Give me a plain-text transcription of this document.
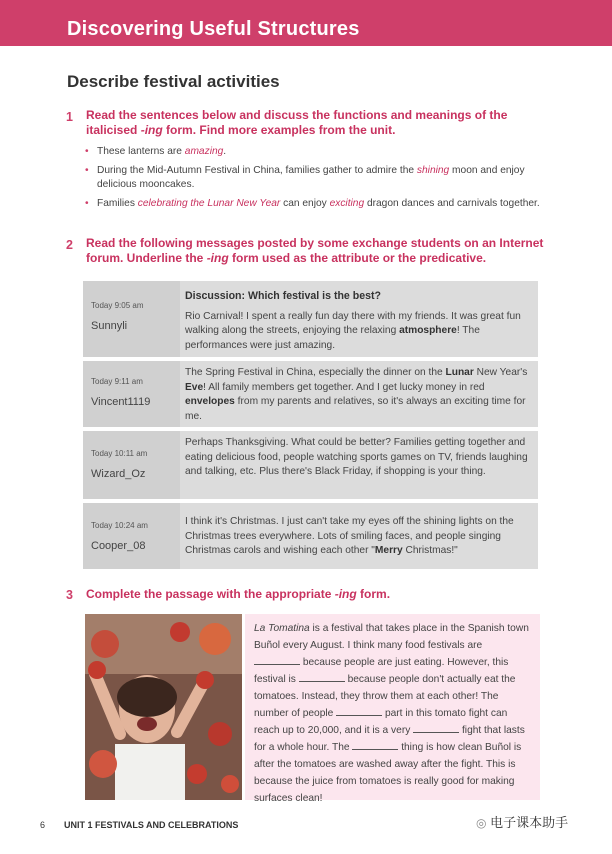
Discovering Useful Structures
Describe festival activities
1 Read the sentences below and discuss the functions and meanings of the
italicised -ing form. Find more examples from the unit.
• These lanterns are amazing.
• During the Mid-Autumn Festival in China, families gather to admire the shining moon and enjoy delicious mooncakes.
• Families celebrating the Lunar New Year can enjoy exciting dragon dances and carnivals together.
2 Read the following messages posted by some exchange students on an Internet
forum. Underline the -ing form used as the attribute or the predicative.
Today 9:05 am
Sunnyli
Discussion: Which festival is the best?
Rio Carnival! I spent a really fun day there with my friends. It was great fun walking along the streets, enjoying the relaxing atmosphere! The performances were just amazing.
Today 9:11 am
Vincent1119
The Spring Festival in China, especially the dinner on the Lunar New Year's Eve! All family members get together. And I get lucky money in red envelopes from my parents and relatives, so it's always an exciting time for me.
Today 10:11 am
Wizard_Oz
Perhaps Thanksgiving. What could be better? Families getting together and eating delicious food, people watching sports games on TV, friends laughing and talking, etc. Plus there's Black Friday, if shopping is your thing.
Today 10:24 am
Cooper_08
I think it's Christmas. I just can't take my eyes off the shining lights on the Christmas trees everywhere. Lots of smiling faces, and people singing Christmas carols and wishing each other "Merry Christmas!"
3 Complete the passage with the appropriate -ing form.
La Tomatina is a festival that takes place in the Spanish town Buñol every August. I think many food festivals are  because people are just eating. However, this festival is	because people don't actually eat the tomatoes. Instead, they throw them at each other! The number of people	part in this tomato fight can reach up to 20,000, and it is a very	fight that lasts for a whole hour. The	thing is how clean Buñol is after the tomatoes are washed away after the fight. This is because the juice from tomatoes is really good for making surfaces clean!
6 UNIT 1 FESTIVALS AND CELEBRATIONS	◎ 电子课本助手
